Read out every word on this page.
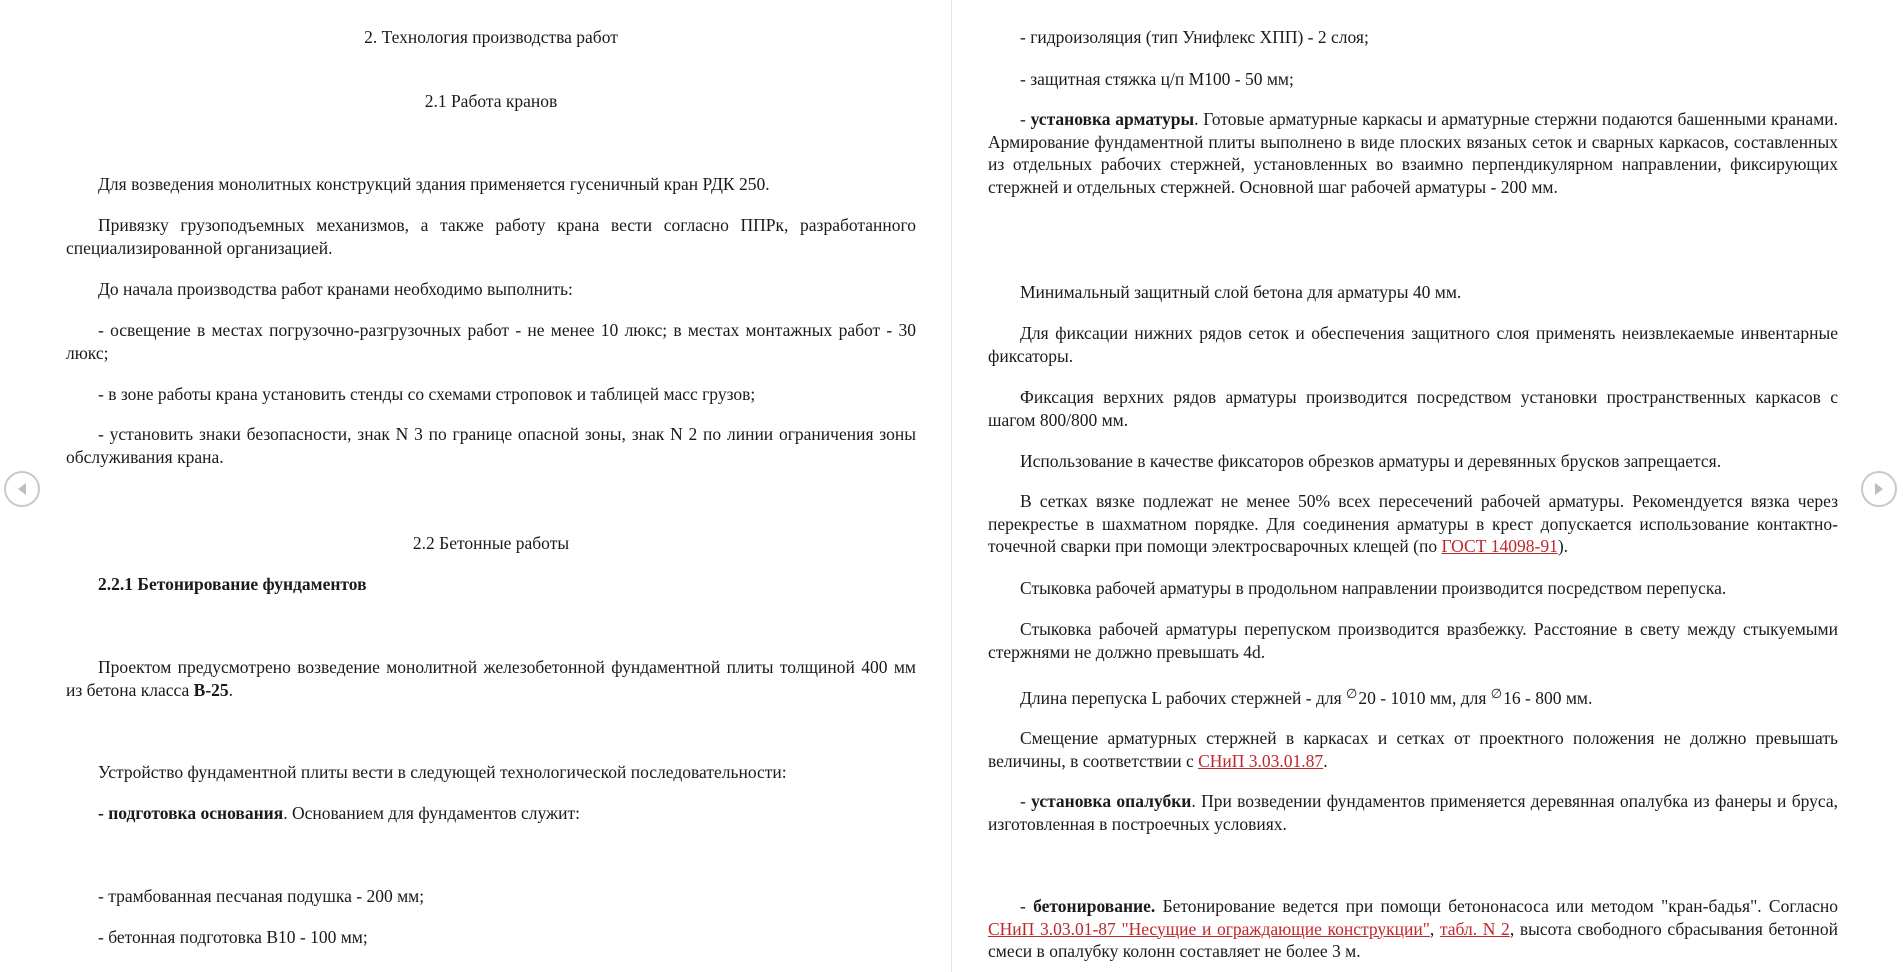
2. Технология производства работ

2.1 Работа кранов

Для возведения монолитных конструкций здания применяется гусеничный кран РДК 250.

Привязку грузоподъемных механизмов, а также работу крана вести согласно ППРк, разработанного специализированной организацией.

До начала производства работ кранами необходимо выполнить:

- освещение в местах погрузочно-разгрузочных работ - не менее 10 люкс; в местах монтажных работ - 30 люкс;

- в зоне работы крана установить стенды со схемами строповок и таблицей масс грузов;

- установить знаки безопасности, знак N 3 по границе опасной зоны, знак N 2 по линии ограничения зоны обслуживания крана.

2.2 Бетонные работы

2.2.1 Бетонирование фундаментов

Проектом предусмотрено возведение монолитной железобетонной фундаментной плиты толщиной 400 мм из бетона класса В-25.

Устройство фундаментной плиты вести в следующей технологической последовательности:

- подготовка основания. Основанием для фундаментов служит:

- трамбованная песчаная подушка - 200 мм;

- бетонная подготовка В10 - 100 мм;

- гидроизоляция (тип Унифлекс ХПП) - 2 слоя;

- защитная стяжка ц/п М100 - 50 мм;

- установка арматуры. Готовые арматурные каркасы и арматурные стержни подаются башенными кранами. Армирование фундаментной плиты выполнено в виде плоских вязаных сеток и сварных каркасов, составленных из отдельных рабочих стержней, установленных во взаимно перпендикулярном направлении, фиксирующих стержней и отдельных стержней. Основной шаг рабочей арматуры - 200 мм.

Минимальный защитный слой бетона для арматуры 40 мм.

Для фиксации нижних рядов сеток и обеспечения защитного слоя применять неизвлекаемые инвентарные фиксаторы.

Фиксация верхних рядов арматуры производится посредством установки пространственных каркасов с шагом 800/800 мм.

Использование в качестве фиксаторов обрезков арматуры и деревянных брусков запрещается.

В сетках вязке подлежат не менее 50% всех пересечений рабочей арматуры. Рекомендуется вязка через перекрестье в шахматном порядке. Для соединения арматуры в крест допускается использование контактно-точечной сварки при помощи электросварочных клещей (по ГОСТ 14098-91).

Стыковка рабочей арматуры в продольном направлении производится посредством перепуска.

Стыковка рабочей арматуры перепуском производится вразбежку. Расстояние в свету между стыкуемыми стержнями не должно превышать 4d.

Длина перепуска L рабочих стержней - для ∅20 - 1010 мм, для ∅16 - 800 мм.

Смещение арматурных стержней в каркасах и сетках от проектного положения не должно превышать величины, в соответствии с СНиП 3.03.01.87.

- установка опалубки. При возведении фундаментов применяется деревянная опалубка из фанеры и бруса, изготовленная в построечных условиях.

- бетонирование. Бетонирование ведется при помощи бетононасоса или методом "кран-бадья". Согласно СНиП 3.03.01-87 "Несущие и ограждающие конструкции", табл. N 2, высота свободного сбрасывания бетонной смеси в опалубку колонн составляет не более 3 м.
